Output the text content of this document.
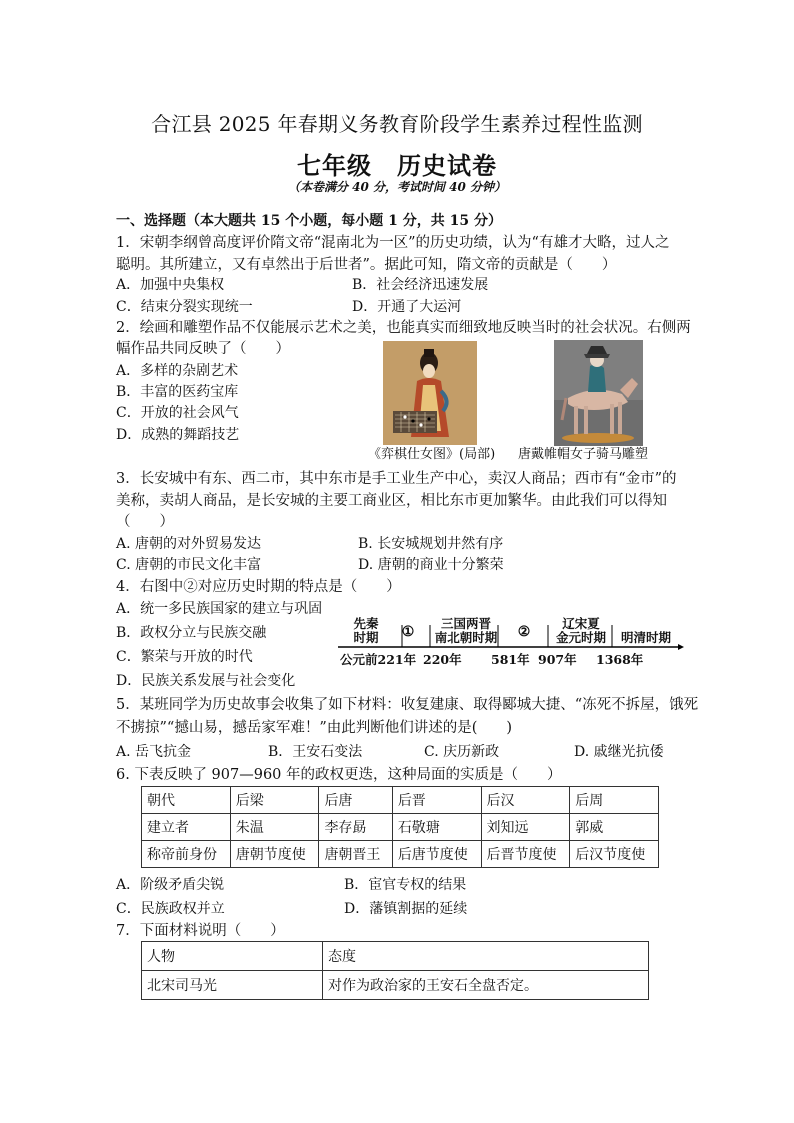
合江县 2025 年春期义务教育阶段学生素养过程性监测
七年级　历史试卷
（本卷满分 40 分，考试时间 40 分钟）
一、选择题（本大题共 15 个小题，每小题 1 分，共 15 分）
1．宋朝李纲曾高度评价隋文帝“混南北为一区”的历史功绩，认为“有雄才大略，过人之
聪明。其所建立，又有卓然出于后世者”。据此可知，隋文帝的贡献是（　　）
A．加强中央集权	B．社会经济迅速发展
C．结束分裂实现统一	D．开通了大运河
2．绘画和雕塑作品不仅能展示艺术之美，也能真实而细致地反映当时的社会状况。右侧两
幅作品共同反映了（　　）
A．多样的杂剧艺术
B．丰富的医药宝库
C．开放的社会风气
D．成熟的舞蹈技艺
《弈棋仕女图》(局部) 唐戴帷帽女子骑马雕塑
3．长安城中有东、西二市，其中东市是手工业生产中心，卖汉人商品；西市有“金市”的
美称，卖胡人商品，是长安城的主要工商业区，相比东市更加繁华。由此我们可以得知
（　　）
A. 唐朝的对外贸易发达	B. 长安城规划井然有序
C. 唐朝的市民文化丰富	D. 唐朝的商业十分繁荣
4．右图中②对应历史时期的特点是（　　）
A．统一多民族国家的建立与巩固
B．政权分立与民族交融
C．繁荣与开放的时代
D．民族关系发展与社会变化
先秦
时期	①
三国两晋
南北朝时期	②
辽宋夏
金元时期	明清时期
公元前221年 220年 581年 907年 1368年
5．某班同学为历史故事会收集了如下材料：收复建康、取得郾城大捷、“冻死不拆屋，饿死
不掳掠”“撼山易，撼岳家军难！”由此判断他们讲述的是(　　)
A. 岳飞抗金	B．王安石变法	C. 庆历新政	D. 戚继光抗倭
6. 下表反映了 907—960 年的政权更迭，这种局面的实质是（　　）
朝代	后梁	后唐	后晋	后汉	后周
建立者	朱温	李存勗	石敬瑭	刘知远	郭威
称帝前身份	唐朝节度使	唐朝晋王	后唐节度使	后晋节度使	后汉节度使
A．阶级矛盾尖锐	B．宦官专权的结果
C．民族政权并立	D．藩镇割据的延续
7．下面材料说明（　　）
人物	态度
北宋司马光	对作为政治家的王安石全盘否定。
